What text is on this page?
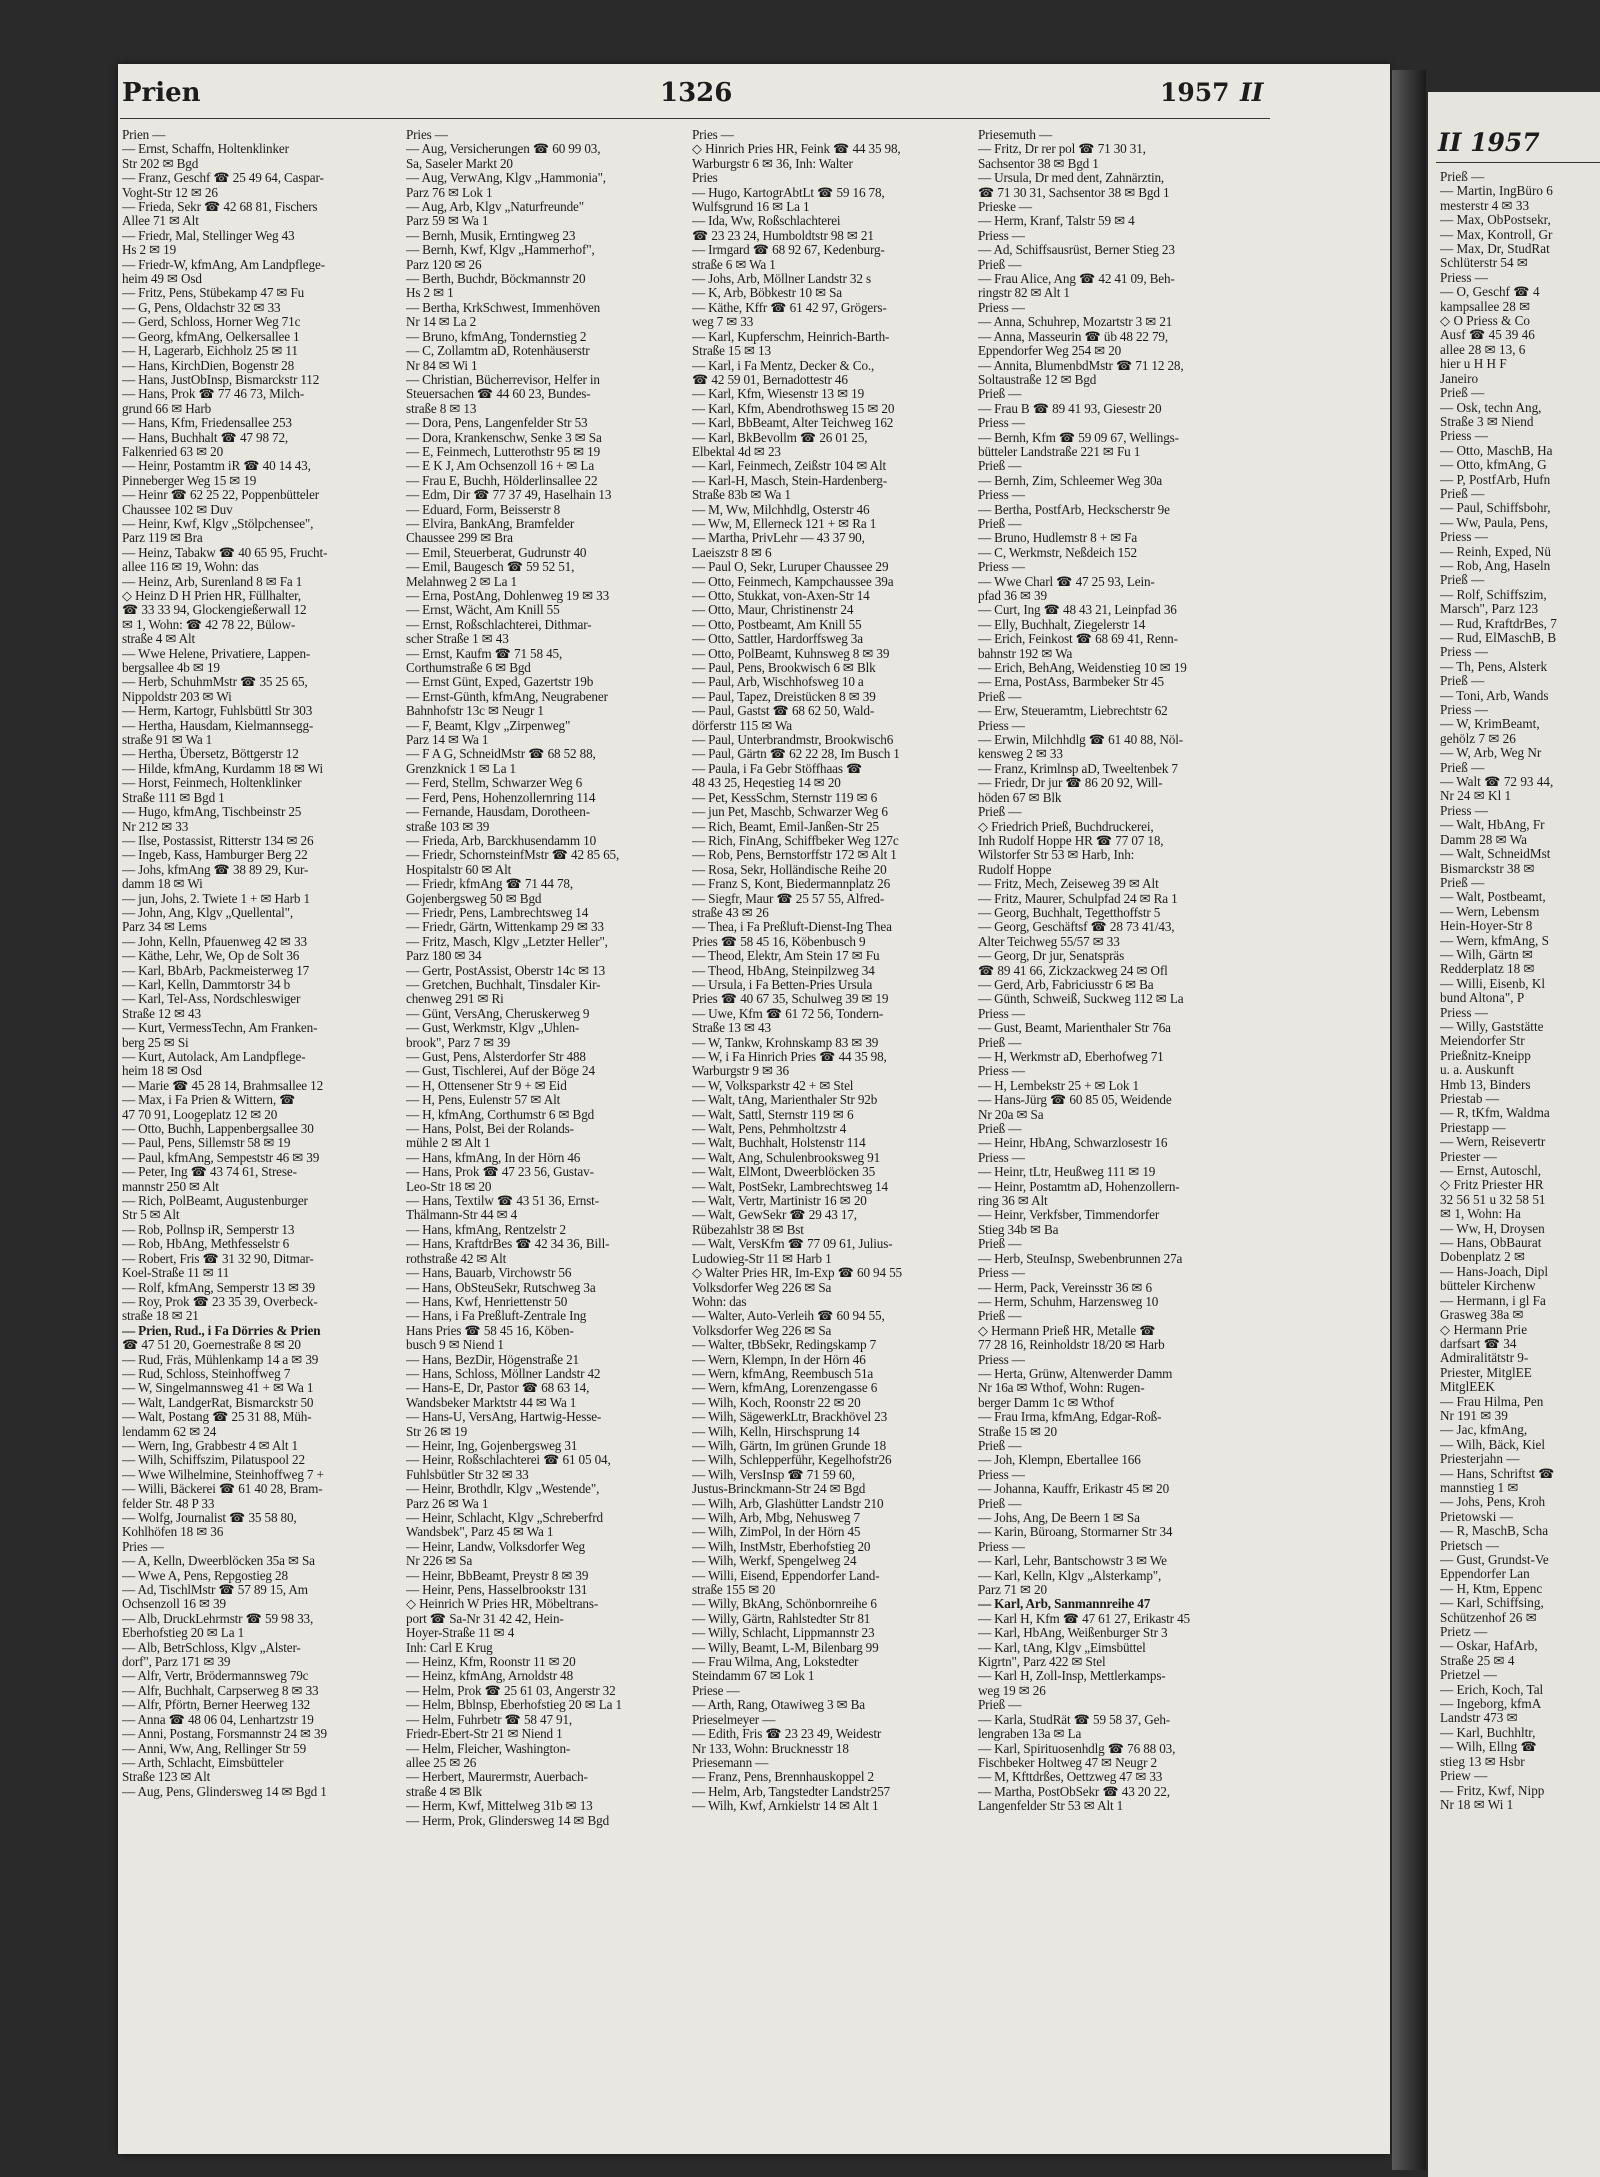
II 1957
Prieß —
— Martin, IngBüro 6
mesterstr 4 ✉ 33
— Max, ObPostsekr,
— Max, Kontroll, Gr
— Max, Dr, StudRat
Schlüterstr 54 ✉
Priess —
— O, Geschf ☎ 4
kampsallee 28 ✉
◇ O Priess & Co
Ausf ☎ 45 39 46
allee 28 ✉ 13, 6
hier u H H F
Janeiro
Prieß —
— Osk, techn Ang,
Straße 3 ✉ Niend
Priess —
— Otto, MaschB, Ha
— Otto, kfmAng, G
— P, PostfArb, Hufn
Prieß —
— Paul, Schiffsbohr,
— Ww, Paula, Pens,
Priess —
— Reinh, Exped, Nü
— Rob, Ang, Haseln
Prieß —
— Rolf, Schiffszim,
Marsch", Parz 123
— Rud, KraftdrBes, 7
— Rud, ElMaschB, B
Priess —
— Th, Pens, Alsterk
Prieß —
— Toni, Arb, Wands
Priess —
— W, KrimBeamt,
gehölz 7 ✉ 26
— W, Arb, Weg Nr
Prieß —
— Walt ☎ 72 93 44,
Nr 24 ✉ Kl 1
Priess —
— Walt, HbAng, Fr
Damm 28 ✉ Wa
— Walt, SchneidMst
Bismarckstr 38 ✉
Prieß —
— Walt, Postbeamt,
— Wern, Lebensm
Hein-Hoyer-Str 8
— Wern, kfmAng, S
— Wilh, Gärtn ✉
Redderplatz 18 ✉
— Willi, Eisenb, Kl
bund Altona", P
Priess —
— Willy, Gaststätte
Meiendorfer Str
Prießnitz-Kneipp
u. a. Auskunft
Hmb 13, Binders
Priestab —
— R, tKfm, Waldma
Priestapp —
— Wern, Reisevertr
Priester —
— Ernst, Autoschl,
◇ Fritz Priester HR
32 56 51 u 32 58 51
✉ 1, Wohn: Ha
— Ww, H, Droysen
— Hans, ObBaurat
Dobenplatz 2 ✉
— Hans-Joach, Dipl
bütteler Kirchenw
— Hermann, i gl Fa
Grasweg 38a ✉
◇ Hermann Prie
darfsart ☎ 34
Admiralitätstr 9-
Priester, MitglEE
MitglEEK
— Frau Hilma, Pen
Nr 191 ✉ 39
— Jac, kfmAng,
— Wilh, Bäck, Kiel
Priesterjahn —
— Hans, Schriftst ☎
mannstieg 1 ✉
— Johs, Pens, Kroh
Prietowski —
— R, MaschB, Scha
Prietsch —
— Gust, Grundst-Ve
Eppendorfer Lan
— H, Ktm, Eppenc
— Karl, Schiffsing,
Schützenhof 26 ✉
Prietz —
— Oskar, HafArb,
Straße 25 ✉ 4
Prietzel —
— Erich, Koch, Tal
— Ingeborg, kfmA
Landstr 473 ✉
— Karl, Buchhltr,
— Wilh, Ellng ☎
stieg 13 ✉ Hsbr
Priew —
— Fritz, Kwf, Nipp
Nr 18 ✉ Wi 1
Prien	1326	1957 II
Prien —
— Ernst, Schaffn, Holtenklinker
Str 202 ✉ Bgd
— Franz, Geschf ☎ 25 49 64, Caspar-
Voght-Str 12 ✉ 26
— Frieda, Sekr ☎ 42 68 81, Fischers
Allee 71 ✉ Alt
— Friedr, Mal, Stellinger Weg 43
Hs 2 ✉ 19
— Friedr-W, kfmAng, Am Landpflege-
heim 49 ✉ Osd
— Fritz, Pens, Stübekamp 47 ✉ Fu
— G, Pens, Oldachstr 32 ✉ 33
— Gerd, Schloss, Horner Weg 71c
— Georg, kfmAng, Oelkersallee 1
— H, Lagerarb, Eichholz 25 ✉ 11
— Hans, KirchDien, Bogenstr 28
— Hans, JustObInsp, Bismarckstr 112
— Hans, Prok ☎ 77 46 73, Milch-
grund 66 ✉ Harb
— Hans, Kfm, Friedensallee 253
— Hans, Buchhalt ☎ 47 98 72,
Falkenried 63 ✉ 20
— Heinr, Postamtm iR ☎ 40 14 43,
Pinneberger Weg 15 ✉ 19
— Heinr ☎ 62 25 22, Poppenbütteler
Chaussee 102 ✉ Duv
— Heinr, Kwf, Klgv „Stölpchensee",
Parz 119 ✉ Bra
— Heinz, Tabakw ☎ 40 65 95, Frucht-
allee 116 ✉ 19, Wohn: das
— Heinz, Arb, Surenland 8 ✉ Fa 1
◇ Heinz D H Prien HR, Füllhalter,
☎ 33 33 94, Glockengießerwall 12
✉ 1, Wohn: ☎ 42 78 22, Bülow-
straße 4 ✉ Alt
— Wwe Helene, Privatiere, Lappen-
bergsallee 4b ✉ 19
— Herb, SchuhmMstr ☎ 35 25 65,
Nippoldstr 203 ✉ Wi
— Herm, Kartogr, Fuhlsbüttl Str 303
— Hertha, Hausdam, Kielmannsegg-
straße 91 ✉ Wa 1
— Hertha, Übersetz, Böttgerstr 12
— Hilde, kfmAng, Kurdamm 18 ✉ Wi
— Horst, Feinmech, Holtenklinker
Straße 111 ✉ Bgd 1
— Hugo, kfmAng, Tischbeinstr 25
Nr 212 ✉ 33
— Ilse, Postassist, Ritterstr 134 ✉ 26
— Ingeb, Kass, Hamburger Berg 22
— Johs, kfmAng ☎ 38 89 29, Kur-
damm 18 ✉ Wi
— jun, Johs, 2. Twiete 1 + ✉ Harb 1
— John, Ang, Klgv „Quellental",
Parz 34 ✉ Lems
— John, Kelln, Pfauenweg 42 ✉ 33
— Käthe, Lehr, We, Op de Solt 36
— Karl, BbArb, Packmeisterweg 17
— Karl, Kelln, Dammtorstr 34 b
— Karl, Tel-Ass, Nordschleswiger
Straße 12 ✉ 43
— Kurt, VermessTechn, Am Franken-
berg 25 ✉ Si
— Kurt, Autolack, Am Landpflege-
heim 18 ✉ Osd
— Marie ☎ 45 28 14, Brahmsallee 12
— Max, i Fa Prien & Wittern, ☎
47 70 91, Loogeplatz 12 ✉ 20
— Otto, Buchh, Lappenbergsallee 30
— Paul, Pens, Sillemstr 58 ✉ 19
— Paul, kfmAng, Sempeststr 46 ✉ 39
— Peter, Ing ☎ 43 74 61, Strese-
mannstr 250 ✉ Alt
— Rich, PolBeamt, Augustenburger
Str 5 ✉ Alt
— Rob, Pollnsp iR, Semperstr 13
— Rob, HbAng, Methfesselstr 6
— Robert, Fris ☎ 31 32 90, Ditmar-
Koel-Straße 11 ✉ 11
— Rolf, kfmAng, Semperstr 13 ✉ 39
— Roy, Prok ☎ 23 35 39, Overbeck-
straße 18 ✉ 21
— Prien, Rud., i Fa Dörries & Prien
☎ 47 51 20, Goernestraße 8 ✉ 20
— Rud, Fräs, Mühlenkamp 14 a ✉ 39
— Rud, Schloss, Steinhoffweg 7
— W, Singelmannsweg 41 + ✉ Wa 1
— Walt, LandgerRat, Bismarckstr 50
— Walt, Postang ☎ 25 31 88, Müh-
lendamm 62 ✉ 24
— Wern, Ing, Grabbestr 4 ✉ Alt 1
— Wilh, Schiffszim, Pilatuspool 22
— Wwe Wilhelmine, Steinhoffweg 7 +
— Willi, Bäckerei ☎ 61 40 28, Bram-
felder Str. 48 P 33
— Wolfg, Journalist ☎ 35 58 80,
Kohlhöfen 18 ✉ 36
Pries —
— A, Kelln, Dweerblöcken 35a ✉ Sa
— Wwe A, Pens, Repgostieg 28
— Ad, TischlMstr ☎ 57 89 15, Am
Ochsenzoll 16 ✉ 39
— Alb, DruckLehrmstr ☎ 59 98 33,
Eberhofstieg 20 ✉ La 1
— Alb, BetrSchloss, Klgv „Alster-
dorf", Parz 171 ✉ 39
— Alfr, Vertr, Brödermannsweg 79c
— Alfr, Buchhalt, Carpserweg 8 ✉ 33
— Alfr, Pförtn, Berner Heerweg 132
— Anna ☎ 48 06 04, Lenhartzstr 19
— Anni, Postang, Forsmannstr 24 ✉ 39
— Anni, Ww, Ang, Rellinger Str 59
— Arth, Schlacht, Eimsbütteler
Straße 123 ✉ Alt
— Aug, Pens, Glindersweg 14 ✉ Bgd 1
Pries —
— Aug, Versicherungen ☎ 60 99 03,
Sa, Saseler Markt 20
— Aug, VerwAng, Klgv „Hammonia",
Parz 76 ✉ Lok 1
— Aug, Arb, Klgv „Naturfreunde"
Parz 59 ✉ Wa 1
— Bernh, Musik, Erntingweg 23
— Bernh, Kwf, Klgv „Hammerhof",
Parz 120 ✉ 26
— Berth, Buchdr, Böckmannstr 20
Hs 2 ✉ 1
— Bertha, KrkSchwest, Immenhöven
Nr 14 ✉ La 2
— Bruno, kfmAng, Tondernstieg 2
— C, Zollamtm aD, Rotenhäuserstr
Nr 84 ✉ Wi 1
— Christian, Bücherrevisor, Helfer in
Steuersachen ☎ 44 60 23, Bundes-
straße 8 ✉ 13
— Dora, Pens, Langenfelder Str 53
— Dora, Krankenschw, Senke 3 ✉ Sa
— E, Feinmech, Lutterothstr 95 ✉ 19
— E K J, Am Ochsenzoll 16 + ✉ La
— Frau E, Buchh, Hölderlinsallee 22
— Edm, Dir ☎ 77 37 49, Haselhain 13
— Eduard, Form, Beisserstr 8
— Elvira, BankAng, Bramfelder
Chaussee 299 ✉ Bra
— Emil, Steuerberat, Gudrunstr 40
— Emil, Baugesch ☎ 59 52 51,
Melahnweg 2 ✉ La 1
— Erna, PostAng, Dohlenweg 19 ✉ 33
— Ernst, Wächt, Am Knill 55
— Ernst, Roßschlachterei, Dithmar-
scher Straße 1 ✉ 43
— Ernst, Kaufm ☎ 71 58 45,
Corthumstraße 6 ✉ Bgd
— Ernst Günt, Exped, Gazertstr 19b
— Ernst-Günth, kfmAng, Neugrabener
Bahnhofstr 13c ✉ Neugr 1
— F, Beamt, Klgv „Zirpenweg"
Parz 14 ✉ Wa 1
— F A G, SchneidMstr ☎ 68 52 88,
Grenzknick 1 ✉ La 1
— Ferd, Stellm, Schwarzer Weg 6
— Ferd, Pens, Hohenzollernring 114
— Fernande, Hausdam, Dorotheen-
straße 103 ✉ 39
— Frieda, Arb, Barckhusendamm 10
— Friedr, SchornsteinfMstr ☎ 42 85 65,
Hospitalstr 60 ✉ Alt
— Friedr, kfmAng ☎ 71 44 78,
Gojenbergsweg 50 ✉ Bgd
— Friedr, Pens, Lambrechtsweg 14
— Friedr, Gärtn, Wittenkamp 29 ✉ 33
— Fritz, Masch, Klgv „Letzter Heller",
Parz 180 ✉ 34
— Gertr, PostAssist, Oberstr 14c ✉ 13
— Gretchen, Buchhalt, Tinsdaler Kir-
chenweg 291 ✉ Ri
— Günt, VersAng, Cheruskerweg 9
— Gust, Werkmstr, Klgv „Uhlen-
brook", Parz 7 ✉ 39
— Gust, Pens, Alsterdorfer Str 488
— Gust, Tischlerei, Auf der Böge 24
— H, Ottensener Str 9 + ✉ Eid
— H, Pens, Eulenstr 57 ✉ Alt
— H, kfmAng, Corthumstr 6 ✉ Bgd
— Hans, Polst, Bei der Rolands-
mühle 2 ✉ Alt 1
— Hans, kfmAng, In der Hörn 46
— Hans, Prok ☎ 47 23 56, Gustav-
Leo-Str 18 ✉ 20
— Hans, Textilw ☎ 43 51 36, Ernst-
Thälmann-Str 44 ✉ 4
— Hans, kfmAng, Rentzelstr 2
— Hans, KraftdrBes ☎ 42 34 36, Bill-
rothstraße 42 ✉ Alt
— Hans, Bauarb, Virchowstr 56
— Hans, ObSteuSekr, Rutschweg 3a
— Hans, Kwf, Henriettenstr 50
— Hans, i Fa Preßluft-Zentrale Ing
Hans Pries ☎ 58 45 16, Köben-
busch 9 ✉ Niend 1
— Hans, BezDir, Högenstraße 21
— Hans, Schloss, Möllner Landstr 42
— Hans-E, Dr, Pastor ☎ 68 63 14,
Wandsbeker Marktstr 44 ✉ Wa 1
— Hans-U, VersAng, Hartwig-Hesse-
Str 26 ✉ 19
— Heinr, Ing, Gojenbergsweg 31
— Heinr, Roßschlachterei ☎ 61 05 04,
Fuhlsbütler Str 32 ✉ 33
— Heinr, Brothdlr, Klgv „Westende",
Parz 26 ✉ Wa 1
— Heinr, Schlacht, Klgv „Schreberfrd
Wandsbek", Parz 45 ✉ Wa 1
— Heinr, Landw, Volksdorfer Weg
Nr 226 ✉ Sa
— Heinr, BbBeamt, Preystr 8 ✉ 39
— Heinr, Pens, Hasselbrookstr 131
◇ Heinrich W Pries HR, Möbeltrans-
port ☎ Sa-Nr 31 42 42, Hein-
Hoyer-Straße 11 ✉ 4
Inh: Carl E Krug
— Heinz, Kfm, Roonstr 11 ✉ 20
— Heinz, kfmAng, Arnoldstr 48
— Helm, Prok ☎ 25 61 03, Angerstr 32
— Helm, Bblnsp, Eberhofstieg 20 ✉ La 1
— Helm, Fuhrbetr ☎ 58 47 91,
Friedr-Ebert-Str 21 ✉ Niend 1
— Helm, Fleicher, Washington-
allee 25 ✉ 26
— Herbert, Maurermstr, Auerbach-
straße 4 ✉ Blk
— Herm, Kwf, Mittelweg 31b ✉ 13
— Herm, Prok, Glindersweg 14 ✉ Bgd
Pries —
◇ Hinrich Pries HR, Feink ☎ 44 35 98,
Warburgstr 6 ✉ 36, Inh: Walter
Pries
— Hugo, KartogrAbtLt ☎ 59 16 78,
Wulfsgrund 16 ✉ La 1
— Ida, Ww, Roßschlachterei
☎ 23 23 24, Humboldtstr 98 ✉ 21
— Irmgard ☎ 68 92 67, Kedenburg-
straße 6 ✉ Wa 1
— Johs, Arb, Möllner Landstr 32 s
— K, Arb, Böbkestr 10 ✉ Sa
— Käthe, Kffr ☎ 61 42 97, Grögers-
weg 7 ✉ 33
— Karl, Kupferschm, Heinrich-Barth-
Straße 15 ✉ 13
— Karl, i Fa Mentz, Decker & Co.,
☎ 42 59 01, Bernadottestr 46
— Karl, Kfm, Wiesenstr 13 ✉ 19
— Karl, Kfm, Abendrothsweg 15 ✉ 20
— Karl, BbBeamt, Alter Teichweg 162
— Karl, BkBevollm ☎ 26 01 25,
Elbektal 4d ✉ 23
— Karl, Feinmech, Zeißstr 104 ✉ Alt
— Karl-H, Masch, Stein-Hardenberg-
Straße 83b ✉ Wa 1
— M, Ww, Milchhdlg, Osterstr 46
— Ww, M, Ellerneck 121 + ✉ Ra 1
— Martha, PrivLehr — 43 37 90,
Laeiszstr 8 ✉ 6
— Paul O, Sekr, Luruper Chaussee 29
— Otto, Feinmech, Kampchaussee 39a
— Otto, Stukkat, von-Axen-Str 14
— Otto, Maur, Christinenstr 24
— Otto, Postbeamt, Am Knill 55
— Otto, Sattler, Hardorffsweg 3a
— Otto, PolBeamt, Kuhnsweg 8 ✉ 39
— Paul, Pens, Brookwisch 6 ✉ Blk
— Paul, Arb, Wischhofsweg 10 a
— Paul, Tapez, Dreistücken 8 ✉ 39
— Paul, Gastst ☎ 68 62 50, Wald-
dörferstr 115 ✉ Wa
— Paul, Unterbrandmstr, Brookwisch6
— Paul, Gärtn ☎ 62 22 28, Im Busch 1
— Paula, i Fa Gebr Stöffhaas ☎
48 43 25, Heqestieg 14 ✉ 20
— Pet, KessSchm, Sternstr 119 ✉ 6
— jun Pet, Maschb, Schwarzer Weg 6
— Rich, Beamt, Emil-Janßen-Str 25
— Rich, FinAng, Schiffbeker Weg 127c
— Rob, Pens, Bernstorffstr 172 ✉ Alt 1
— Rosa, Sekr, Holländische Reihe 20
— Franz S, Kont, Biedermannplatz 26
— Siegfr, Maur ☎ 25 57 55, Alfred-
straße 43 ✉ 26
— Thea, i Fa Preßluft-Dienst-Ing Thea
Pries ☎ 58 45 16, Köbenbusch 9
— Theod, Elektr, Am Stein 17 ✉ Fu
— Theod, HbAng, Steinpilzweg 34
— Ursula, i Fa Betten-Pries Ursula
Pries ☎ 40 67 35, Schulweg 39 ✉ 19
— Uwe, Kfm ☎ 61 72 56, Tondern-
Straße 13 ✉ 43
— W, Tankw, Krohnskamp 83 ✉ 39
— W, i Fa Hinrich Pries ☎ 44 35 98,
Warburgstr 9 ✉ 36
— W, Volksparkstr 42 + ✉ Stel
— Walt, tAng, Marienthaler Str 92b
— Walt, Sattl, Sternstr 119 ✉ 6
— Walt, Pens, Pehmholtzstr 4
— Walt, Buchhalt, Holstenstr 114
— Walt, Ang, Schulenbrooksweg 91
— Walt, ElMont, Dweerblöcken 35
— Walt, PostSekr, Lambrechtsweg 14
— Walt, Vertr, Martinistr 16 ✉ 20
— Walt, GewSekr ☎ 29 43 17,
Rübezahlstr 38 ✉ Bst
— Walt, VersKfm ☎ 77 09 61, Julius-
Ludowieg-Str 11 ✉ Harb 1
◇ Walter Pries HR, Im-Exp ☎ 60 94 55
Volksdorfer Weg 226 ✉ Sa
Wohn: das
— Walter, Auto-Verleih ☎ 60 94 55,
Volksdorfer Weg 226 ✉ Sa
— Walter, tBbSekr, Redingskamp 7
— Wern, Klempn, In der Hörn 46
— Wern, kfmAng, Reembusch 51a
— Wern, kfmAng, Lorenzengasse 6
— Wilh, Koch, Roonstr 22 ✉ 20
— Wilh, SägewerkLtr, Brackhövel 23
— Wilh, Kelln, Hirschsprung 14
— Wilh, Gärtn, Im grünen Grunde 18
— Wilh, Schlepperführ, Kegelhofstr26
— Wilh, VersInsp ☎ 71 59 60,
Justus-Brinckmann-Str 24 ✉ Bgd
— Wilh, Arb, Glashütter Landstr 210
— Wilh, Arb, Mbg, Nehusweg 7
— Wilh, ZimPol, In der Hörn 45
— Wilh, InstMstr, Eberhofstieg 20
— Wilh, Werkf, Spengelweg 24
— Willi, Eisend, Eppendorfer Land-
straße 155 ✉ 20
— Willy, BkAng, Schönbornreihe 6
— Willy, Gärtn, Rahlstedter Str 81
— Willy, Schlacht, Lippmannstr 23
— Willy, Beamt, L-M, Bilenbarg 99
— Frau Wilma, Ang, Lokstedter
Steindamm 67 ✉ Lok 1
Priese —
— Arth, Rang, Otawiweg 3 ✉ Ba
Prieselmeyer —
— Edith, Fris ☎ 23 23 49, Weidestr
Nr 133, Wohn: Brucknesstr 18
Priesemann —
— Franz, Pens, Brennhauskoppel 2
— Helm, Arb, Tangstedter Landstr257
— Wilh, Kwf, Arnkielstr 14 ✉ Alt 1
Priesemuth —
— Fritz, Dr rer pol ☎ 71 30 31,
Sachsentor 38 ✉ Bgd 1
— Ursula, Dr med dent, Zahnärztin,
☎ 71 30 31, Sachsentor 38 ✉ Bgd 1
Prieske —
— Herm, Kranf, Talstr 59 ✉ 4
Priess —
— Ad, Schiffsausrüst, Berner Stieg 23
Prieß —
— Frau Alice, Ang ☎ 42 41 09, Beh-
ringstr 82 ✉ Alt 1
Priess —
— Anna, Schuhrep, Mozartstr 3 ✉ 21
— Anna, Masseurin ☎ üb 48 22 79,
Eppendorfer Weg 254 ✉ 20
— Annita, BlumenbdMstr ☎ 71 12 28,
Soltaustraße 12 ✉ Bgd
Prieß —
— Frau B ☎ 89 41 93, Giesestr 20
Priess —
— Bernh, Kfm ☎ 59 09 67, Wellings-
bütteler Landstraße 221 ✉ Fu 1
Prieß —
— Bernh, Zim, Schleemer Weg 30a
Priess —
— Bertha, PostfArb, Heckscherstr 9e
Prieß —
— Bruno, Hudlemstr 8 + ✉ Fa
— C, Werkmstr, Neßdeich 152
Priess —
— Wwe Charl ☎ 47 25 93, Lein-
pfad 36 ✉ 39
— Curt, Ing ☎ 48 43 21, Leinpfad 36
— Elly, Buchhalt, Ziegelerstr 14
— Erich, Feinkost ☎ 68 69 41, Renn-
bahnstr 192 ✉ Wa
— Erich, BehAng, Weidenstieg 10 ✉ 19
— Erna, PostAss, Barmbeker Str 45
Prieß —
— Erw, Steueramtm, Liebrechtstr 62
Priess —
— Erwin, Milchhdlg ☎ 61 40 88, Nöl-
kensweg 2 ✉ 33
— Franz, Krimlnsp aD, Tweeltenbek 7
— Friedr, Dr jur ☎ 86 20 92, Will-
höden 67 ✉ Blk
Prieß —
◇ Friedrich Prieß, Buchdruckerei,
Inh Rudolf Hoppe HR ☎ 77 07 18,
Wilstorfer Str 53 ✉ Harb, Inh:
Rudolf Hoppe
— Fritz, Mech, Zeiseweg 39 ✉ Alt
— Fritz, Maurer, Schulpfad 24 ✉ Ra 1
— Georg, Buchhalt, Tegetthoffstr 5
— Georg, Geschäftsf ☎ 28 73 41/43,
Alter Teichweg 55/57 ✉ 33
— Georg, Dr jur, Senatspräs
☎ 89 41 66, Zickzackweg 24 ✉ Ofl
— Gerd, Arb, Fabriciusstr 6 ✉ Ba
— Günth, Schweiß, Suckweg 112 ✉ La
Priess —
— Gust, Beamt, Marienthaler Str 76a
Prieß —
— H, Werkmstr aD, Eberhofweg 71
Priess —
— H, Lembekstr 25 + ✉ Lok 1
— Hans-Jürg ☎ 60 85 05, Weidende
Nr 20a ✉ Sa
Prieß —
— Heinr, HbAng, Schwarzlosestr 16
Priess —
— Heinr, tLtr, Heußweg 111 ✉ 19
— Heinr, Postamtm aD, Hohenzollern-
ring 36 ✉ Alt
— Heinr, Verkfsber, Timmendorfer
Stieg 34b ✉ Ba
Prieß —
— Herb, SteuInsp, Swebenbrunnen 27a
Priess —
— Herm, Pack, Vereinsstr 36 ✉ 6
— Herm, Schuhm, Harzensweg 10
Prieß —
◇ Hermann Prieß HR, Metalle ☎
77 28 16, Reinholdstr 18/20 ✉ Harb
Priess —
— Herta, Grünw, Altenwerder Damm
Nr 16a ✉ Wthof, Wohn: Rugen-
berger Damm 1c ✉ Wthof
— Frau Irma, kfmAng, Edgar-Roß-
Straße 15 ✉ 20
Prieß —
— Joh, Klempn, Ebertallee 166
Priess —
— Johanna, Kauffr, Erikastr 45 ✉ 20
Prieß —
— Johs, Ang, De Beern 1 ✉ Sa
— Karin, Büroang, Stormarner Str 34
Priess —
— Karl, Lehr, Bantschowstr 3 ✉ We
— Karl, Kelln, Klgv „Alsterkamp",
Parz 71 ✉ 20
— Karl, Arb, Sanmannreihe 47
— Karl H, Kfm ☎ 47 61 27, Erikastr 45
— Karl, HbAng, Weißenburger Str 3
— Karl, tAng, Klgv „Eimsbüttel
Kigrtn", Parz 422 ✉ Stel
— Karl H, Zoll-Insp, Mettlerkamps-
weg 19 ✉ 26
Prieß —
— Karla, StudRät ☎ 59 58 37, Geh-
lengraben 13a ✉ La
— Karl, Spirituosenhdlg ☎ 76 88 03,
Fischbeker Holtweg 47 ✉ Neugr 2
— M, Kfttdrßes, Oettzweg 47 ✉ 33
— Martha, PostObSekr ☎ 43 20 22,
Langenfelder Str 53 ✉ Alt 1
